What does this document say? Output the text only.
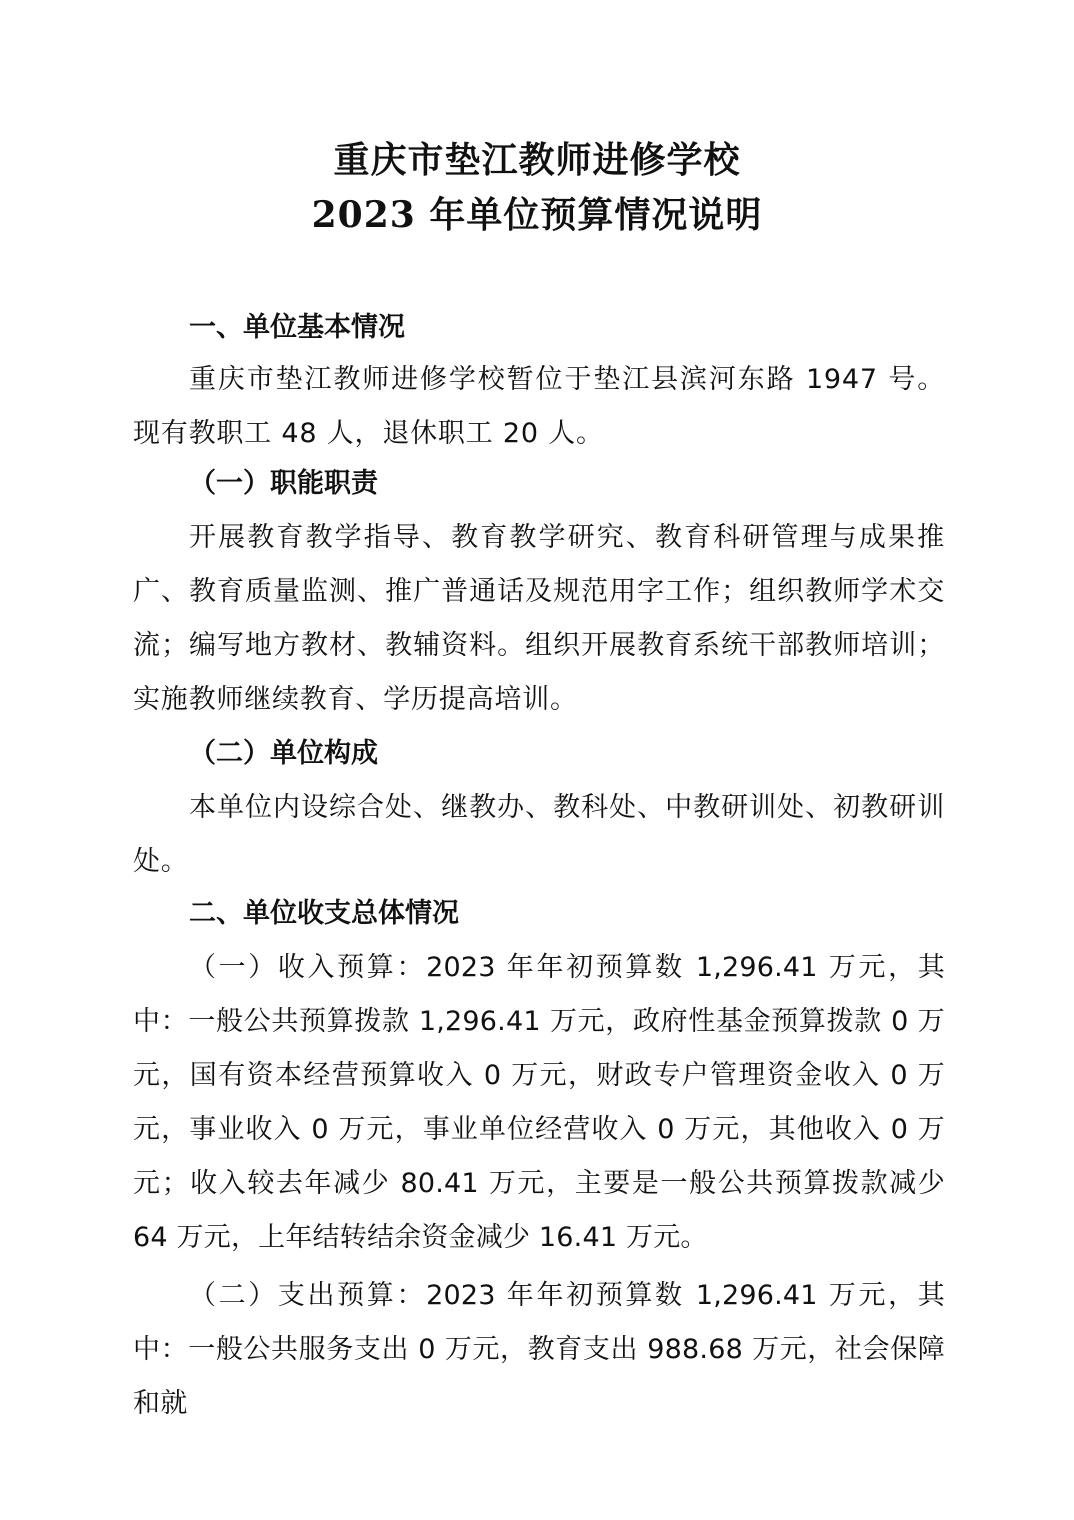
重庆市垫江教师进修学校
2023 年单位预算情况说明
一、单位基本情况
重庆市垫江教师进修学校暂位于垫江县滨河东路 1947 号。现有教职工 48 人，退休职工 20 人。
（一）职能职责
开展教育教学指导、教育教学研究、教育科研管理与成果推广、教育质量监测、推广普通话及规范用字工作；组织教师学术交流；编写地方教材、教辅资料。组织开展教育系统干部教师培训；实施教师继续教育、学历提高培训。
（二）单位构成
本单位内设综合处、继教办、教科处、中教研训处、初教研训处。
二、单位收支总体情况
（一）收入预算：2023 年年初预算数 1,296.41 万元，其中：一般公共预算拨款 1,296.41 万元，政府性基金预算拨款 0 万元，国有资本经营预算收入 0 万元，财政专户管理资金收入 0 万元，事业收入 0 万元，事业单位经营收入 0 万元，其他收入 0 万元；收入较去年减少 80.41 万元，主要是一般公共预算拨款减少 64 万元，上年结转结余资金减少 16.41 万元。
（二）支出预算：2023 年年初预算数 1,296.41 万元，其中：一般公共服务支出 0 万元，教育支出 988.68 万元，社会保障和就
